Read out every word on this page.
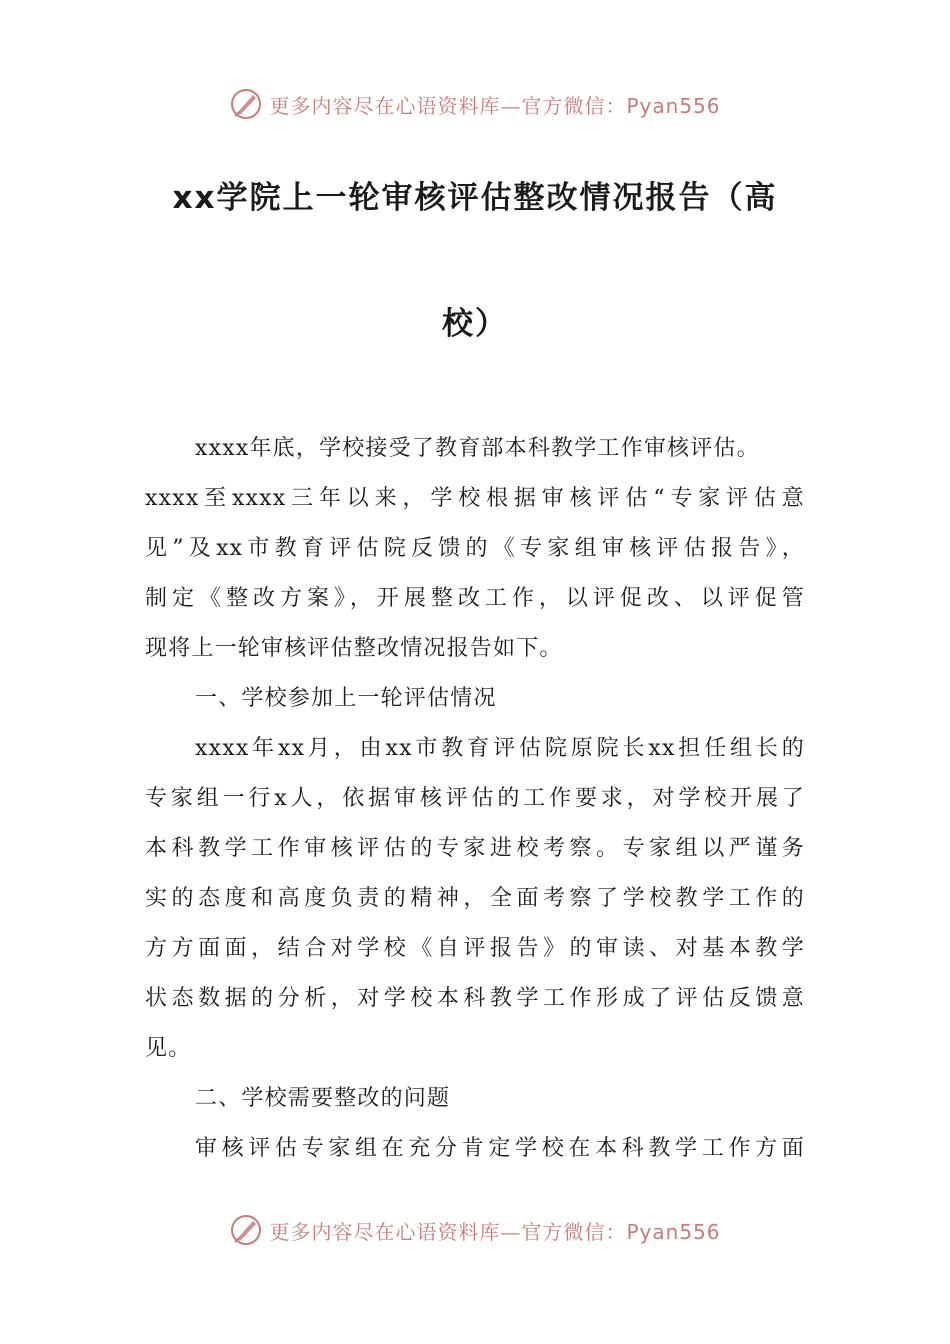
更多内容尽在心语资料库—官方微信：Pyan556
xx学院上一轮审核评估整改情况报告（高
校）

xxxx年底，学校接受了教育部本科教学工作审核评估。

xxxx至xxxx三年以来，学校根据审核评估“专家评估意

见”及xx市教育评估院反馈的《专家组审核评估报告》，

制定《整改方案》，开展整改工作，以评促改、以评促管

现将上一轮审核评估整改情况报告如下。

一、学校参加上一轮评估情况

xxxx年xx月，由xx市教育评估院原院长xx担任组长的

专家组一行x人，依据审核评估的工作要求，对学校开展了

本科教学工作审核评估的专家进校考察。专家组以严谨务

实的态度和高度负责的精神，全面考察了学校教学工作的

方方面面，结合对学校《自评报告》的审读、对基本教学

状态数据的分析，对学校本科教学工作形成了评估反馈意

见。

二、学校需要整改的问题

审核评估专家组在充分肯定学校在本科教学工作方面

更多内容尽在心语资料库—官方微信：Pyan556
